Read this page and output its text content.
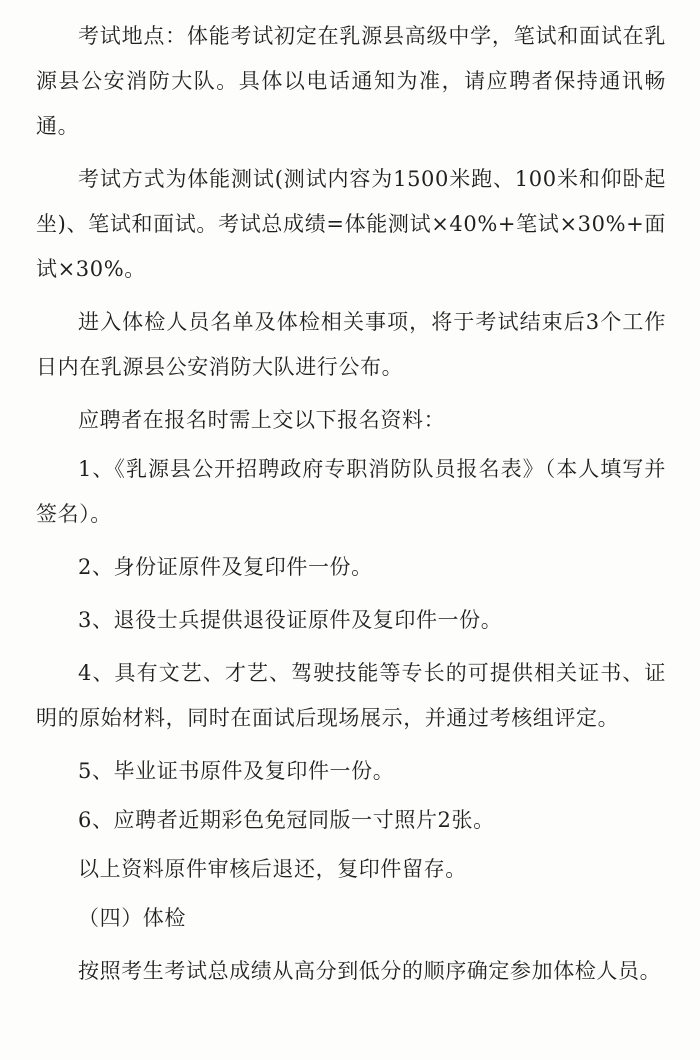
考试地点：体能考试初定在乳源县高级中学，笔试和面试在乳源县公安消防大队。具体以电话通知为准，请应聘者保持通讯畅通。

考试方式为体能测试(测试内容为1500米跑、100米和仰卧起坐)、笔试和面试。考试总成绩=体能测试×40%+笔试×30%+面试×30%。

进入体检人员名单及体检相关事项，将于考试结束后3个工作日内在乳源县公安消防大队进行公布。

应聘者在报名时需上交以下报名资料：

1、《乳源县公开招聘政府专职消防队员报名表》（本人填写并签名）。

2、身份证原件及复印件一份。

3、退役士兵提供退役证原件及复印件一份。

4、具有文艺、才艺、驾驶技能等专长的可提供相关证书、证明的原始材料，同时在面试后现场展示，并通过考核组评定。

5、毕业证书原件及复印件一份。

6、应聘者近期彩色免冠同版一寸照片2张。

以上资料原件审核后退还，复印件留存。

（四）体检

按照考生考试总成绩从高分到低分的顺序确定参加体检人员。
